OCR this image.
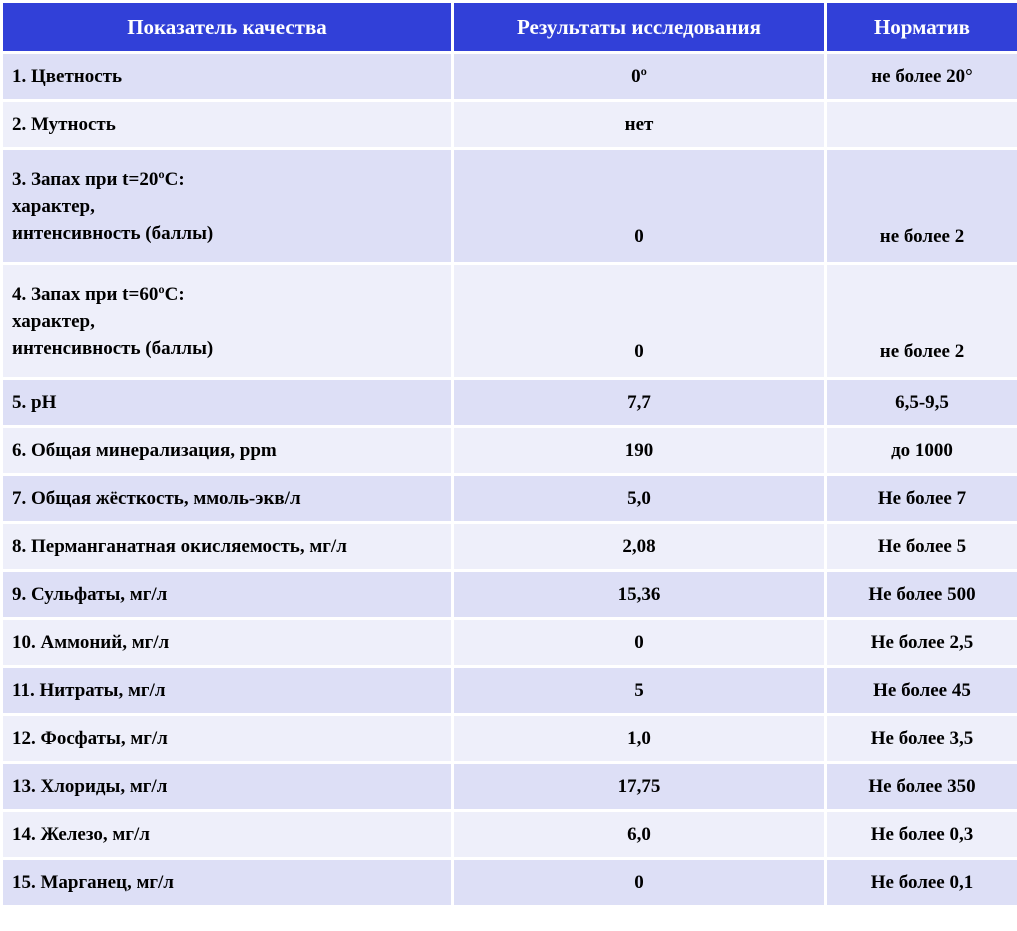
Показатель качества	Результаты исследования	Норматив
1. Цветность	0º	не более 20°
2. Мутность	нет	

3. Запах при t=20ºС:
характер,
интенсивность (баллы)	0	не более 2

4. Запах при t=60ºС:
характер,
интенсивность (баллы)	0	не более 2
5. рН	7,7	6,5-9,5
6. Общая минерализация, ppm	190	до 1000
7. Общая жёсткость, ммоль-экв/л	5,0	Не более 7
8. Перманганатная окисляемость, мг/л	2,08	Не более 5
9. Сульфаты, мг/л	15,36	Не более 500
10. Аммоний, мг/л	0	Не более 2,5
11. Нитраты, мг/л	5	Не более 45
12. Фосфаты, мг/л	1,0	Не более 3,5
13. Хлориды, мг/л	17,75	Не более 350
14. Железо, мг/л	6,0	Не более 0,3
15. Марганец, мг/л	0	Не более 0,1
